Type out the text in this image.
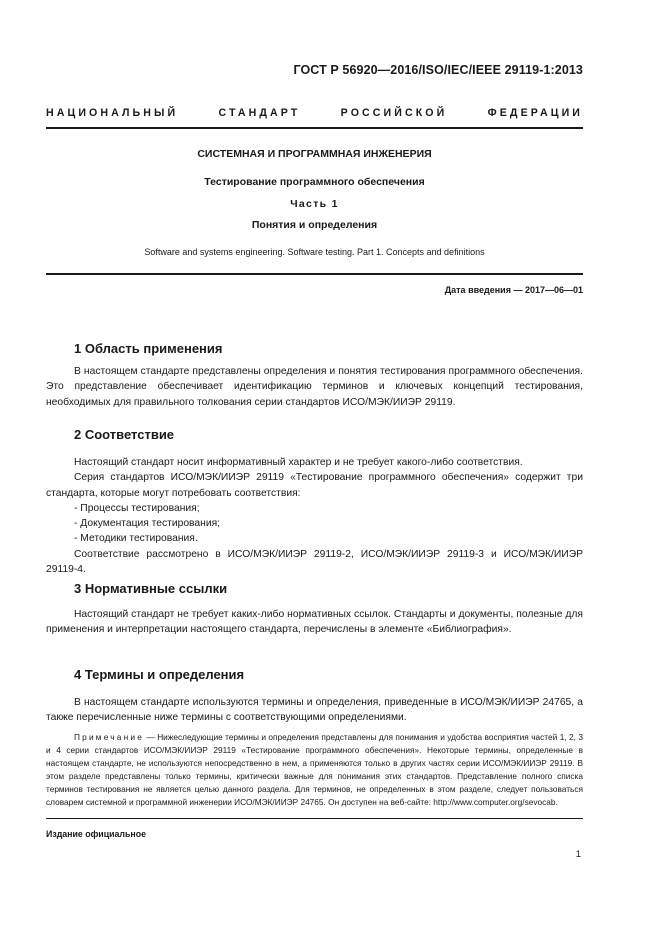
ГОСТ Р 56920—2016/ISO/IEC/IEEE 29119-1:2013
НАЦИОНАЛЬНЫЙ СТАНДАРТ РОССИЙСКОЙ ФЕДЕРАЦИИ
СИСТЕМНАЯ И ПРОГРАММНАЯ ИНЖЕНЕРИЯ
Тестирование программного обеспечения
Часть 1
Понятия и определения
Software and systems engineering. Software testing. Part 1. Concepts and definitions
Дата введения — 2017—06—01
1 Область применения

В настоящем стандарте представлены определения и понятия тестирования программного обеспечения. Это представление обеспечивает идентификацию терминов и ключевых концепций тестирования, необходимых для правильного толкования серии стандартов ИСО/МЭК/ИИЭР 29119.

2 Соответствие

Настоящий стандарт носит информативный характер и не требует какого-либо соответствия.

Серия стандартов ИСО/МЭК/ИИЭР 29119 «Тестирование программного обеспечения» содержит три стандарта, которые могут потребовать соответствия:

- Процессы тестирования;
- Документация тестирования;
- Методики тестирования.

Соответствие рассмотрено в ИСО/МЭК/ИИЭР 29119-2, ИСО/МЭК/ИИЭР 29119-3 и ИСО/МЭК/ИИЭР 29119-4.

3 Нормативные ссылки

Настоящий стандарт не требует каких-либо нормативных ссылок. Стандарты и документы, полезные для применения и интерпретации настоящего стандарта, перечислены в элементе «Библиография».

4 Термины и определения

В настоящем стандарте используются термины и определения, приведенные в ИСО/МЭК/ИИЭР 24765, а также перечисленные ниже термины с соответствующими определениями.

Примечание — Нижеследующие термины и определения представлены для понимания и удобства восприятия частей 1, 2, 3 и 4 серии стандартов ИСО/МЭК/ИИЭР 29119 «Тестирование программного обеспечения». Некоторые термины, определенные в настоящем стандарте, не используются непосредственно в нем, а применяются только в других частях серии ИСО/МЭК/ИИЭР 29119. В этом разделе представлены только термины, критически важные для понимания этих стандартов. Представление полного списка терминов тестирования не является целью данного раздела. Для терминов, не определенных в этом разделе, следует пользоваться словарем системной и программной инженерии ИСО/МЭК/ИИЭР 24765. Он доступен на веб-сайте: http://www.computer.org/sevocab.

Издание официальное
1
